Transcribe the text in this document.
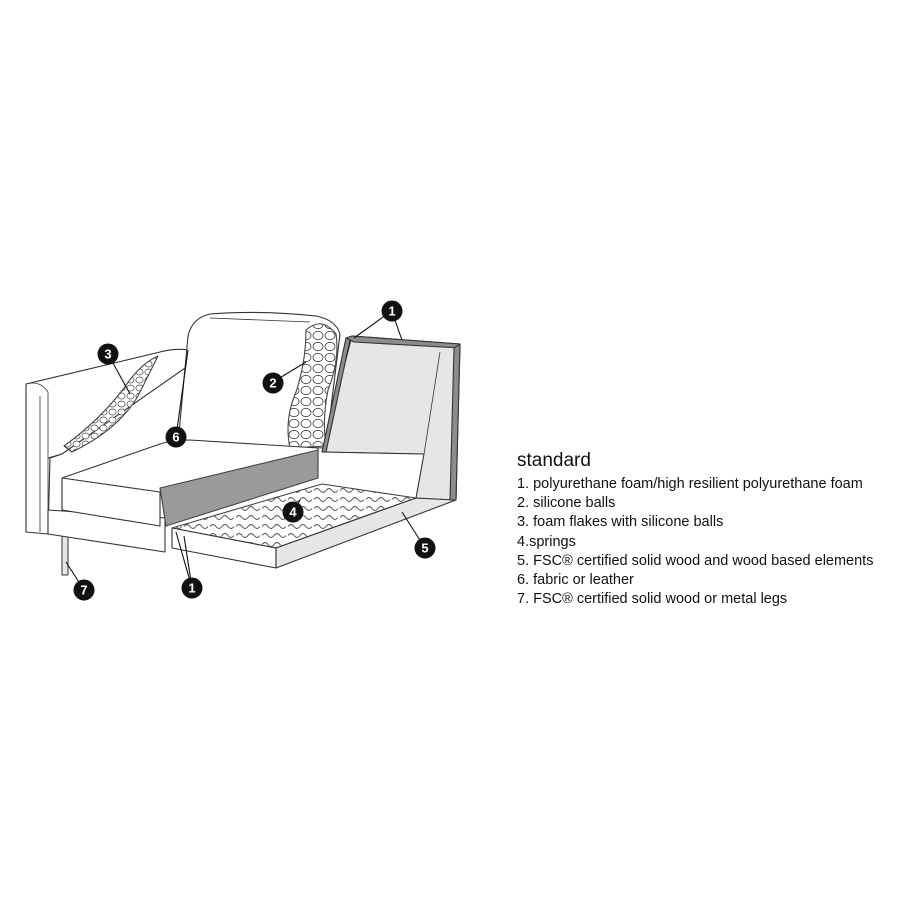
1
2
3
6
4
5
1
7
standard
1. polyurethane foam/high resilient polyurethane foam
2. silicone balls
3. foam flakes with silicone balls
4.springs
5. FSC® certified solid wood and wood based elements
6. fabric or leather
7. FSC® certified solid wood or metal legs
